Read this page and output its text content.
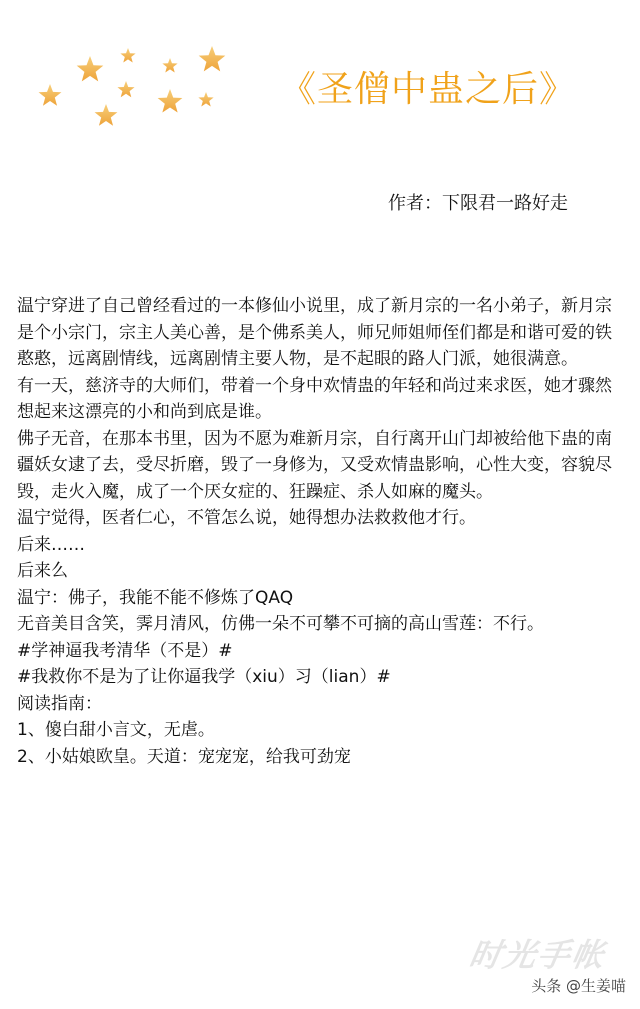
《圣僧中蛊之后》
作者：下限君一路好走

温宁穿进了自己曾经看过的一本修仙小说里，成了新月宗的一名小弟子，新月宗是个小宗门，宗主人美心善，是个佛系美人，师兄师姐师侄们都是和谐可爱的铁憨憨，远离剧情线，远离剧情主要人物，是不起眼的路人门派，她很满意。

有一天，慈济寺的大师们，带着一个身中欢情蛊的年轻和尚过来求医，她才骤然想起来这漂亮的小和尚到底是谁。

佛子无音，在那本书里，因为不愿为难新月宗，自行离开山门却被给他下蛊的南疆妖女逮了去，受尽折磨，毁了一身修为，又受欢情蛊影响，心性大变，容貌尽毁，走火入魔，成了一个厌女症的、狂躁症、杀人如麻的魔头。

温宁觉得，医者仁心，不管怎么说，她得想办法救救他才行。

后来……

后来么

温宁：佛子，我能不能不修炼了QAQ

无音美目含笑，霁月清风，仿佛一朵不可攀不可摘的高山雪莲：不行。

#学神逼我考清华（不是）#

#我救你不是为了让你逼我学（xiu）习（lian）#

阅读指南：

1、傻白甜小言文，无虐。

2、小姑娘欧皇。天道：宠宠宠，给我可劲宠

时光手帐
头条 @生姜喵
